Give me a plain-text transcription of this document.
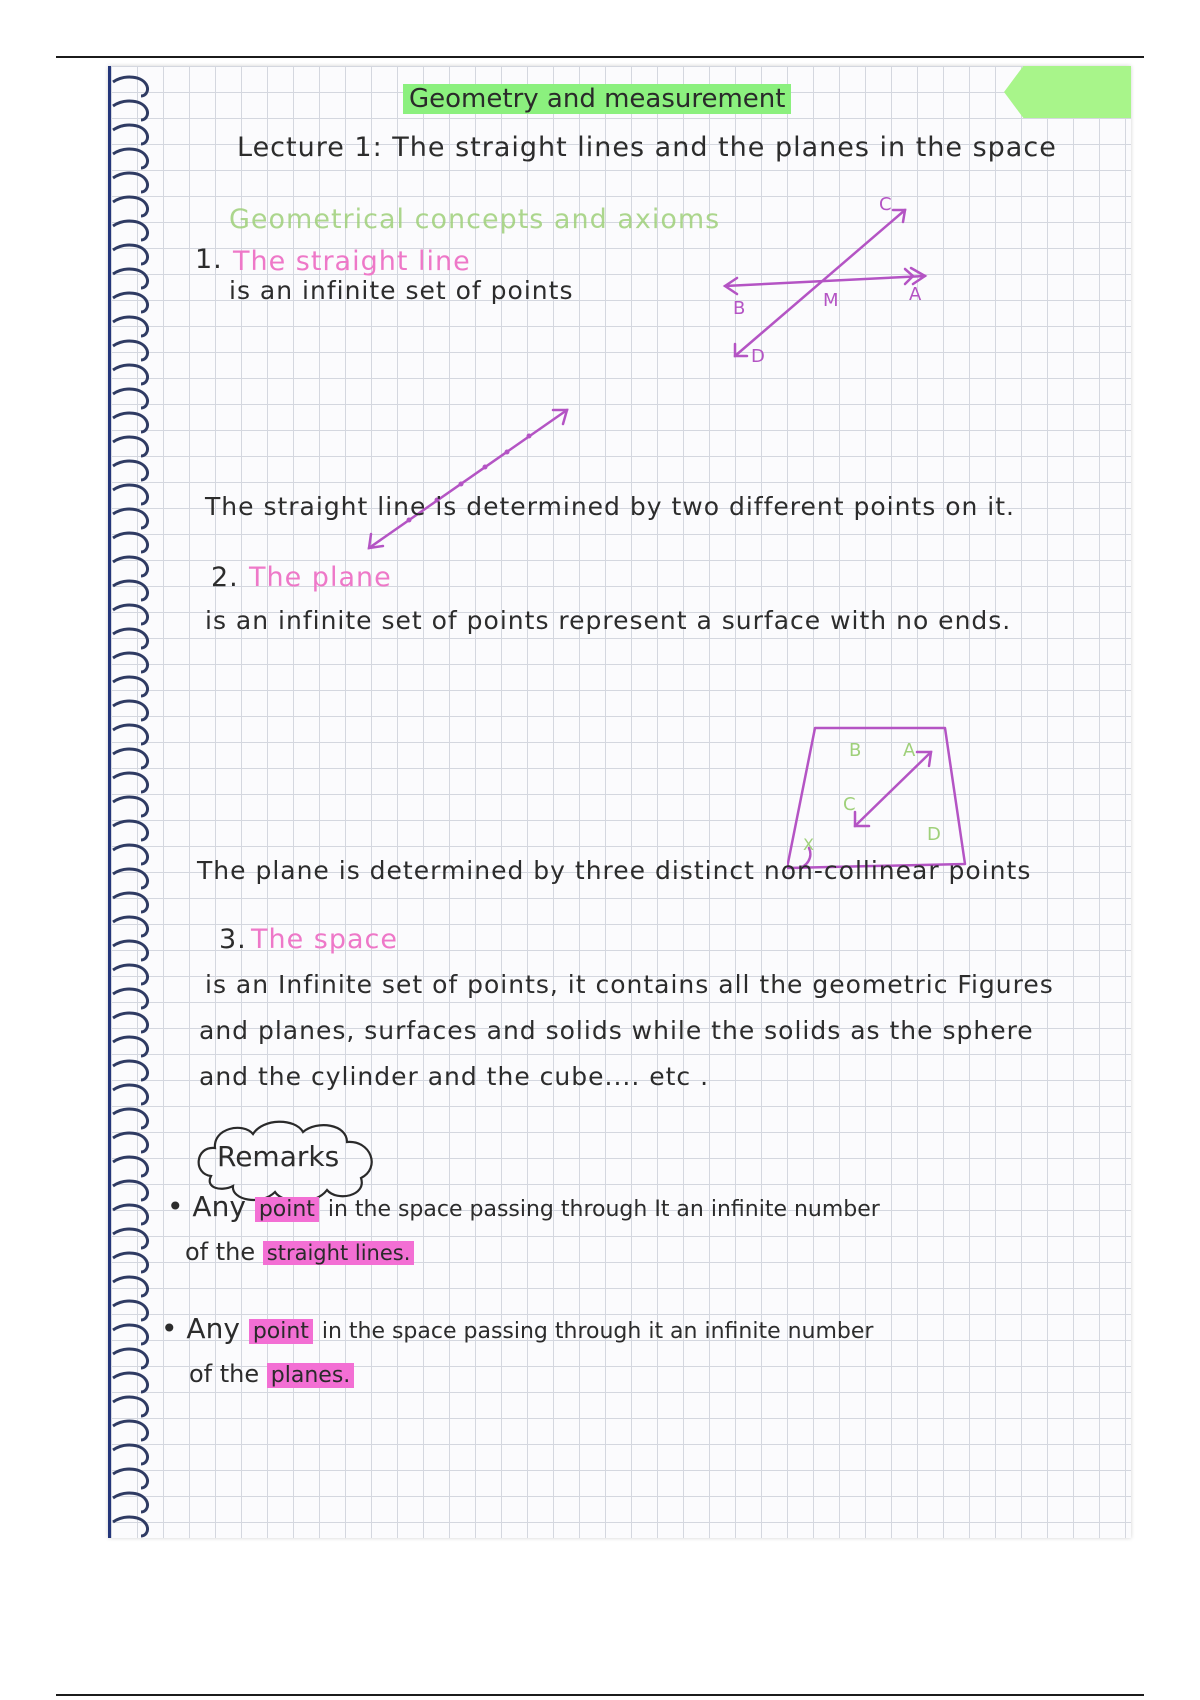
Geometry and measurement
Lecture 1: The straight lines and the planes in the space
Geometrical concepts and axioms
1. The straight line
is an infinite set of points
C
B	M	A
D
The straight line is determined by two different points on it.
2. The plane
is an infinite set of points represent a surface with no ends.
B A
C
D
X
The plane is determined by three distinct non-collinear points
3. The space
is an Infinite set of points, it contains all the geometric Figures
and planes, surfaces and solids while the solids as the sphere
and the cylinder and the cube.... etc .
Remarks
• Any point in the space passing through It an infinite number
of the straight lines.
• Any point in the space passing through it an infinite number
of the planes.
